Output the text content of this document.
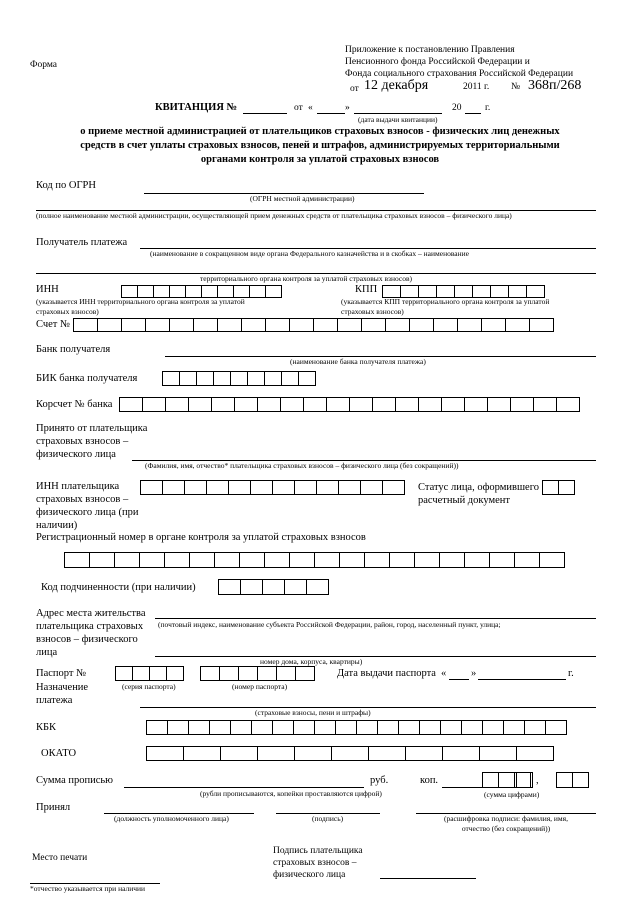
Форма
Приложение к постановлению Правления
Пенсионного фонда Российской Федерации и
Фонда социального страхования Российской Федерации
от 12 декабря	2011 г. № 368п/268
КВИТАНЦИЯ №	от «	»	20 г.
(дата выдачи квитанции)
о приеме местной администрацией от плательщиков страховых взносов - физических лиц денежных
средств в счет уплаты страховых взносов, пеней и штрафов, администрируемых территориальными
органами контроля за уплатой страховых взносов
Код по ОГРН
(ОГРН местной администрации)
(полное наименование местной администрации, осуществляющей прием денежных средств от плательщика страховых взносов – физического лица)
Получатель платежа
(наименование в сокращенном виде органа Федерального казначейства и в скобках – наименование
территориального органа контроля за уплатой страховых взносов)
ИНН
(указывается ИНН территориального органа контроля за уплатой
страховых взносов)
КПП
(указывается КПП территориального органа контроля за уплатой
страховых взносов)
Счет №
Банк получателя
(наименование банка получателя платежа)
БИК банка получателя
Корсчет № банка
Принято от плательщика
страховых взносов –
физического лица
(Фамилия, имя, отчество* плательщика страховых взносов – физического лица (без сокращений))
ИНН плательщика
страховых взносов –
физического лица (при
наличии)
Статус лица, оформившего
расчетный документ
Регистрационный номер в органе контроля за уплатой страховых взносов
Код подчиненности (при наличии)
Адрес места жительства
плательщика страховых
взносов – физического
лица
(почтовый индекс, наименование субъекта Российской Федерации, район, город, населенный пункт, улица;
номер дома, корпуса, квартиры)
Паспорт №
(серия паспорта)	(номер паспорта)
Дата выдачи паспорта « »	г.
Назначение
платежа
(страховые взносы, пени и штрафы)
КБК
ОКАТО
Сумма прописью	руб.	коп.	,
(рубли прописываются, копейки проставляются цифрой)	(сумма цифрами)
Принял
(должность уполномоченного лица)	(подпись)	(расшифровка подписи: фамилия, имя,
отчество (без сокращений))
Место печати
Подпись плательщика
страховых взносов –
физического лица
*отчество указывается при наличии
